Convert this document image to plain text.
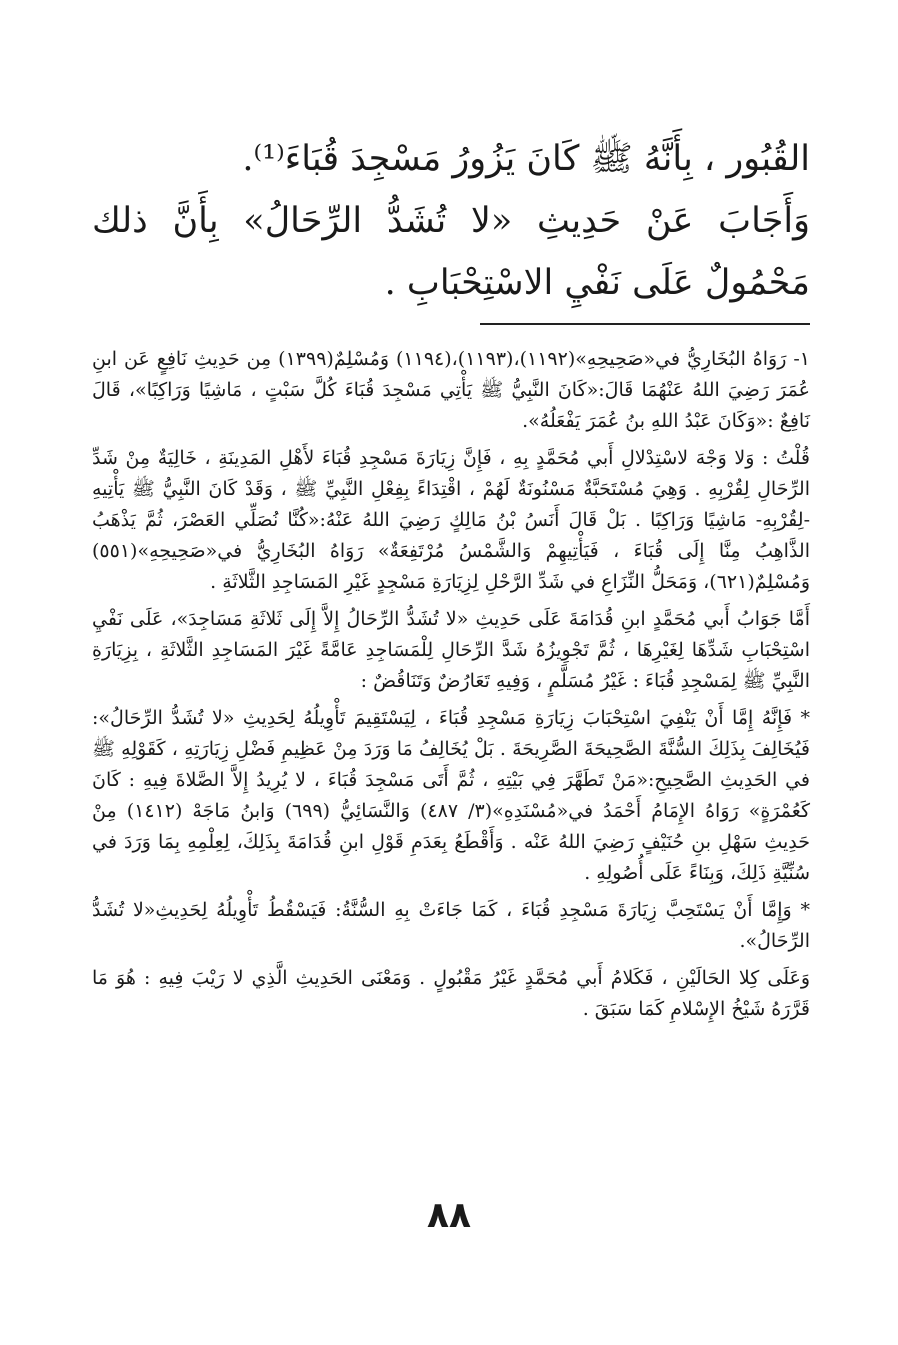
القُبُور ، بِأَنَّهُ ﷺ كَانَ يَزُورُ مَسْجِدَ قُبَاءَ⁽¹⁾.

وَأَجَابَ عَنْ حَدِيثِ «لا تُشَدُّ الرِّحَالُ» بِأَنَّ ذلك مَحْمُولٌ عَلَى نَفْيِ الاسْتِحْبَابِ .

١- رَوَاهُ البُخَارِيُّ في«صَحِيحِهِ»(١١٩٢)،(١١٩٣)،(١١٩٤) وَمُسْلِمٌ(١٣٩٩) مِن حَدِيثِ نَافِعٍ عَن ابنِ عُمَرَ رَضِيَ اللهُ عَنْهُمَا قَالَ:«كَانَ النَّبِيُّ ﷺ يَأْتِي مَسْجِدَ قُبَاءَ كُلَّ سَبْتٍ ، مَاشِيًا وَرَاكِبًا»، قَالَ نَافِعٌ :«وَكَانَ عَبْدُ اللهِ بنُ عُمَرَ يَفْعَلُهُ».

قُلْتُ : وَلا وَجْهَ لاسْتِدْلالِ أَبي مُحَمَّدٍ بِهِ ، فَإِنَّ زِيَارَةَ مَسْجِدِ قُبَاءَ لأَهْلِ المَدِينَةِ ، خَالِيَةٌ مِنْ شَدِّ الرِّحَالِ لِقُرْبِهِ . وَهِيَ مُسْتَحَبَّةٌ مَسْنُونَةٌ لَهُمْ ، اقْتِدَاءً بِفِعْلِ النَّبِيِّ ﷺ ، وَقَدْ كَانَ النَّبِيُّ ﷺ يَأْتِيهِ -لِقُرْبِهِ- مَاشِيًا وَرَاكِبًا . بَلْ قَالَ أَنَسُ بْنُ مَالِكٍ رَضِيَ اللهُ عَنْهُ:«كُنَّا نُصَلِّي العَصْرَ، ثُمَّ يَذْهَبُ الذَّاهِبُ مِنَّا إِلَى قُبَاءَ ، فَيَأْتِيهِمْ وَالشَّمْسُ مُرْتَفِعَةٌ» رَوَاهُ البُخَارِيُّ في«صَحِيحِهِ»(٥٥١) وَمُسْلِمٌ(٦٢١)، وَمَحَلُّ النِّزَاعِ في شَدِّ الرَّحْلِ لِزِيَارَةِ مَسْجِدٍ غَيْرِ المَسَاجِدِ الثَّلاثَةِ .

أَمَّا جَوَابُ أَبي مُحَمَّدٍ ابنِ قُدَامَةَ عَلَى حَدِيثِ «لا تُشَدُّ الرِّحَالُ إِلاَّ إِلَى ثَلاثَةِ مَسَاجِدَ»، عَلَى نَفْيِ اسْتِحْبَابِ شَدِّهَا لِغَيْرِهَا ، ثُمَّ تَجْوِيزُهُ شَدَّ الرِّحَالِ لِلْمَسَاجِدِ عَامَّةً غَيْرَ المَسَاجِدِ الثَّلاثَةِ ، بِزِيَارَةِ النَّبِيِّ ﷺ لِمَسْجِدِ قُبَاءَ : غَيْرُ مُسَلَّمٍ ، وَفِيهِ تَعَارُضٌ وَتَنَاقُضٌ :

* فَإِنَّهُ إِمَّا أَنْ يَنْفِيَ اسْتِحْبَابَ زِيَارَةِ مَسْجِدِ قُبَاءَ ، لِيَسْتَقِيمَ تَأْوِيلُهُ لِحَدِيثِ «لا تُشَدُّ الرِّحَالُ»: فَيُخَالِفَ بِذَلِكَ السُّنَّةَ الصَّحِيحَةَ الصَّرِيحَةَ . بَلْ يُخَالِفُ مَا وَرَدَ مِنْ عَظِيمِ فَضْلِ زِيَارَتِهِ ، كَقَوْلِهِ ﷺ في الحَدِيثِ الصَّحِيحِ:«مَنْ تَطَهَّرَ فِي بَيْتِهِ ، ثُمَّ أَتَى مَسْجِدَ قُبَاءَ ، لا يُرِيدُ إِلاَّ الصَّلاةَ فِيهِ : كَانَ كَعُمْرَةٍ» رَوَاهُ الإِمَامُ أَحْمَدُ في«مُسْنَدِهِ»(٣/ ٤٨٧) وَالنَّسَائِيُّ (٦٩٩) وَابنُ مَاجَهْ (١٤١٢) مِنْ حَدِيثِ سَهْلِ بنِ حُنَيْفٍ رَضِيَ اللهُ عَنْه . وَأَقْطَعُ بِعَدَمِ قَوْلِ ابنِ قُدَامَةَ بِذَلِكَ، لِعِلْمِهِ بِمَا وَرَدَ في سُنِّيَّةِ ذَلِكَ، وَبِنَاءً عَلَى أُصُولِهِ .

* وَإِمَّا أَنْ يَسْتَحِبَّ زِيَارَةَ مَسْجِدِ قُبَاءَ ، كَمَا جَاءَتْ بِهِ السُّنَّةُ: فَيَسْقُطُ تَأْوِيلُهُ لِحَدِيثِ«لا تُشَدُّ الرِّحَالُ».

وَعَلَى كِلا الحَالَيْنِ ، فَكَلامُ أَبي مُحَمَّدٍ غَيْرُ مَقْبُولٍ . وَمَعْنَى الحَدِيثِ الَّذِي لا رَيْبَ فِيهِ : هُوَ مَا قَرَّرَهُ شَيْخُ الإِسْلامِ كَمَا سَبَقَ .

٨٨
